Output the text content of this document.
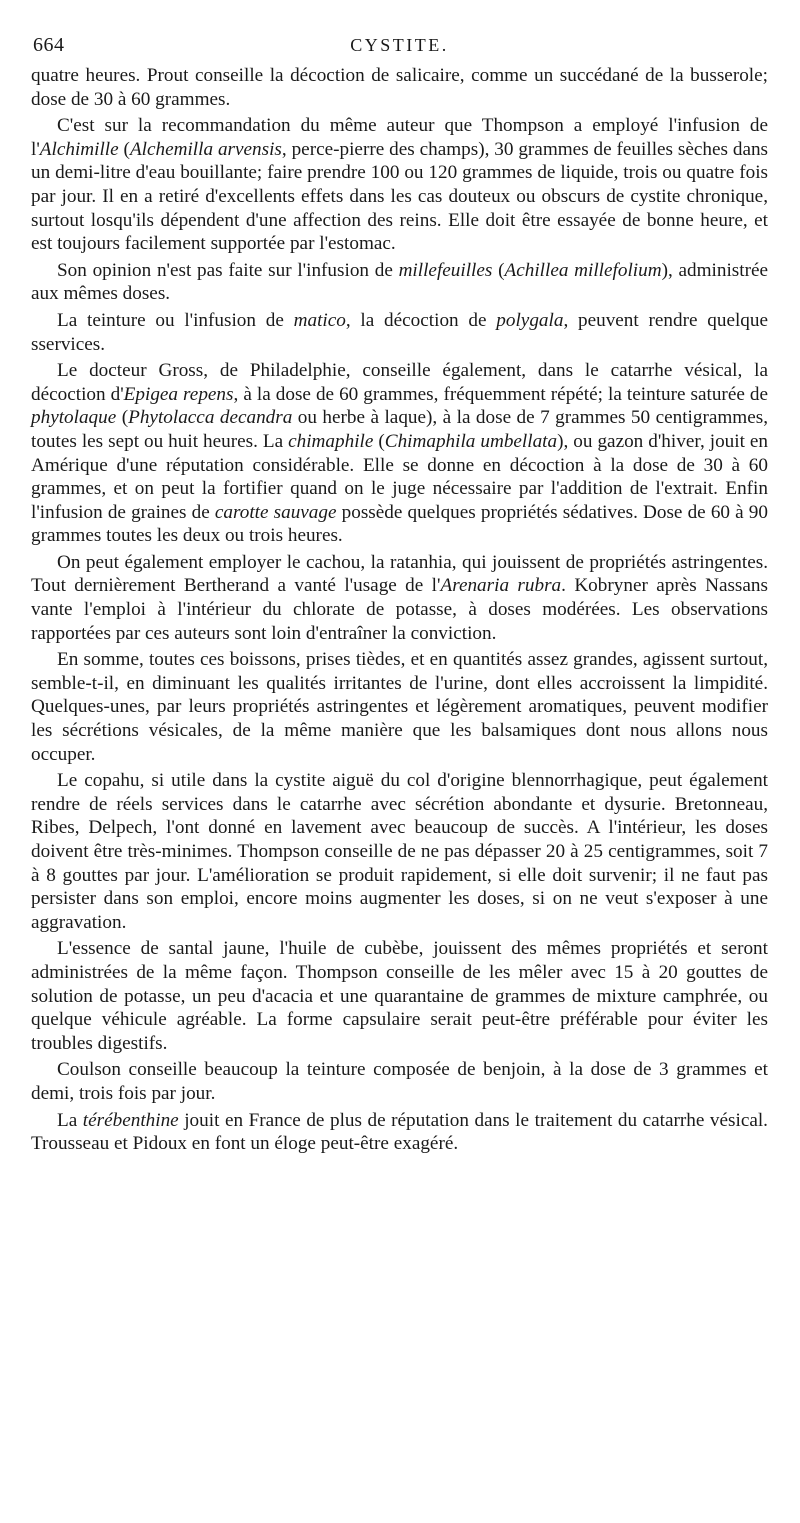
664	CYSTITE.

quatre heures. Prout conseille la décoction de salicaire, comme un succédané de la busserole; dose de 30 à 60 grammes.

C'est sur la recommandation du même auteur que Thompson a employé l'infusion de l'Alchimille (Alchemilla arvensis, perce-pierre des champs), 30 grammes de feuilles sèches dans un demi-litre d'eau bouillante; faire prendre 100 ou 120 grammes de liquide, trois ou quatre fois par jour. Il en a retiré d'excellents effets dans les cas douteux ou obscurs de cystite chronique, surtout losqu'ils dépendent d'une affection des reins. Elle doit être essayée de bonne heure, et est toujours facilement supportée par l'estomac.

Son opinion n'est pas faite sur l'infusion de millefeuilles (Achillea millefolium), administrée aux mêmes doses.

La teinture ou l'infusion de matico, la décoction de polygala, peuvent rendre quelque sservices.

Le docteur Gross, de Philadelphie, conseille également, dans le catarrhe vésical, la décoction d'Epigea repens, à la dose de 60 grammes, fréquemment répété; la teinture saturée de phytolaque (Phytolacca decandra ou herbe à laque), à la dose de 7 grammes 50 centigrammes, toutes les sept ou huit heures. La chimaphile (Chimaphila umbellata), ou gazon d'hiver, jouit en Amérique d'une réputation considérable. Elle se donne en décoction à la dose de 30 à 60 grammes, et on peut la fortifier quand on le juge nécessaire par l'addition de l'extrait. Enfin l'infusion de graines de carotte sauvage possède quelques propriétés sédatives. Dose de 60 à 90 grammes toutes les deux ou trois heures.

On peut également employer le cachou, la ratanhia, qui jouissent de propriétés astringentes. Tout dernièrement Bertherand a vanté l'usage de l'Arenaria rubra. Kobryner après Nassans vante l'emploi à l'intérieur du chlorate de potasse, à doses modérées. Les observations rapportées par ces auteurs sont loin d'entraîner la conviction.

En somme, toutes ces boissons, prises tièdes, et en quantités assez grandes, agissent surtout, semble-t-il, en diminuant les qualités irritantes de l'urine, dont elles accroissent la limpidité. Quelques-unes, par leurs propriétés astringentes et légèrement aromatiques, peuvent modifier les sécrétions vésicales, de la même manière que les balsamiques dont nous allons nous occuper.

Le copahu, si utile dans la cystite aiguë du col d'origine blennorrhagique, peut également rendre de réels services dans le catarrhe avec sécrétion abondante et dysurie. Bretonneau, Ribes, Delpech, l'ont donné en lavement avec beaucoup de succès. A l'intérieur, les doses doivent être très-minimes. Thompson conseille de ne pas dépasser 20 à 25 centigrammes, soit 7 à 8 gouttes par jour. L'amélioration se produit rapidement, si elle doit survenir; il ne faut pas persister dans son emploi, encore moins augmenter les doses, si on ne veut s'exposer à une aggravation.

L'essence de santal jaune, l'huile de cubèbe, jouissent des mêmes propriétés et seront administrées de la même façon. Thompson conseille de les mêler avec 15 à 20 gouttes de solution de potasse, un peu d'acacia et une quarantaine de grammes de mixture camphrée, ou quelque véhicule agréable. La forme capsulaire serait peut-être préférable pour éviter les troubles digestifs.

Coulson conseille beaucoup la teinture composée de benjoin, à la dose de 3 grammes et demi, trois fois par jour.

La térébenthine jouit en France de plus de réputation dans le traitement du catarrhe vésical. Trousseau et Pidoux en font un éloge peut-être exagéré.
